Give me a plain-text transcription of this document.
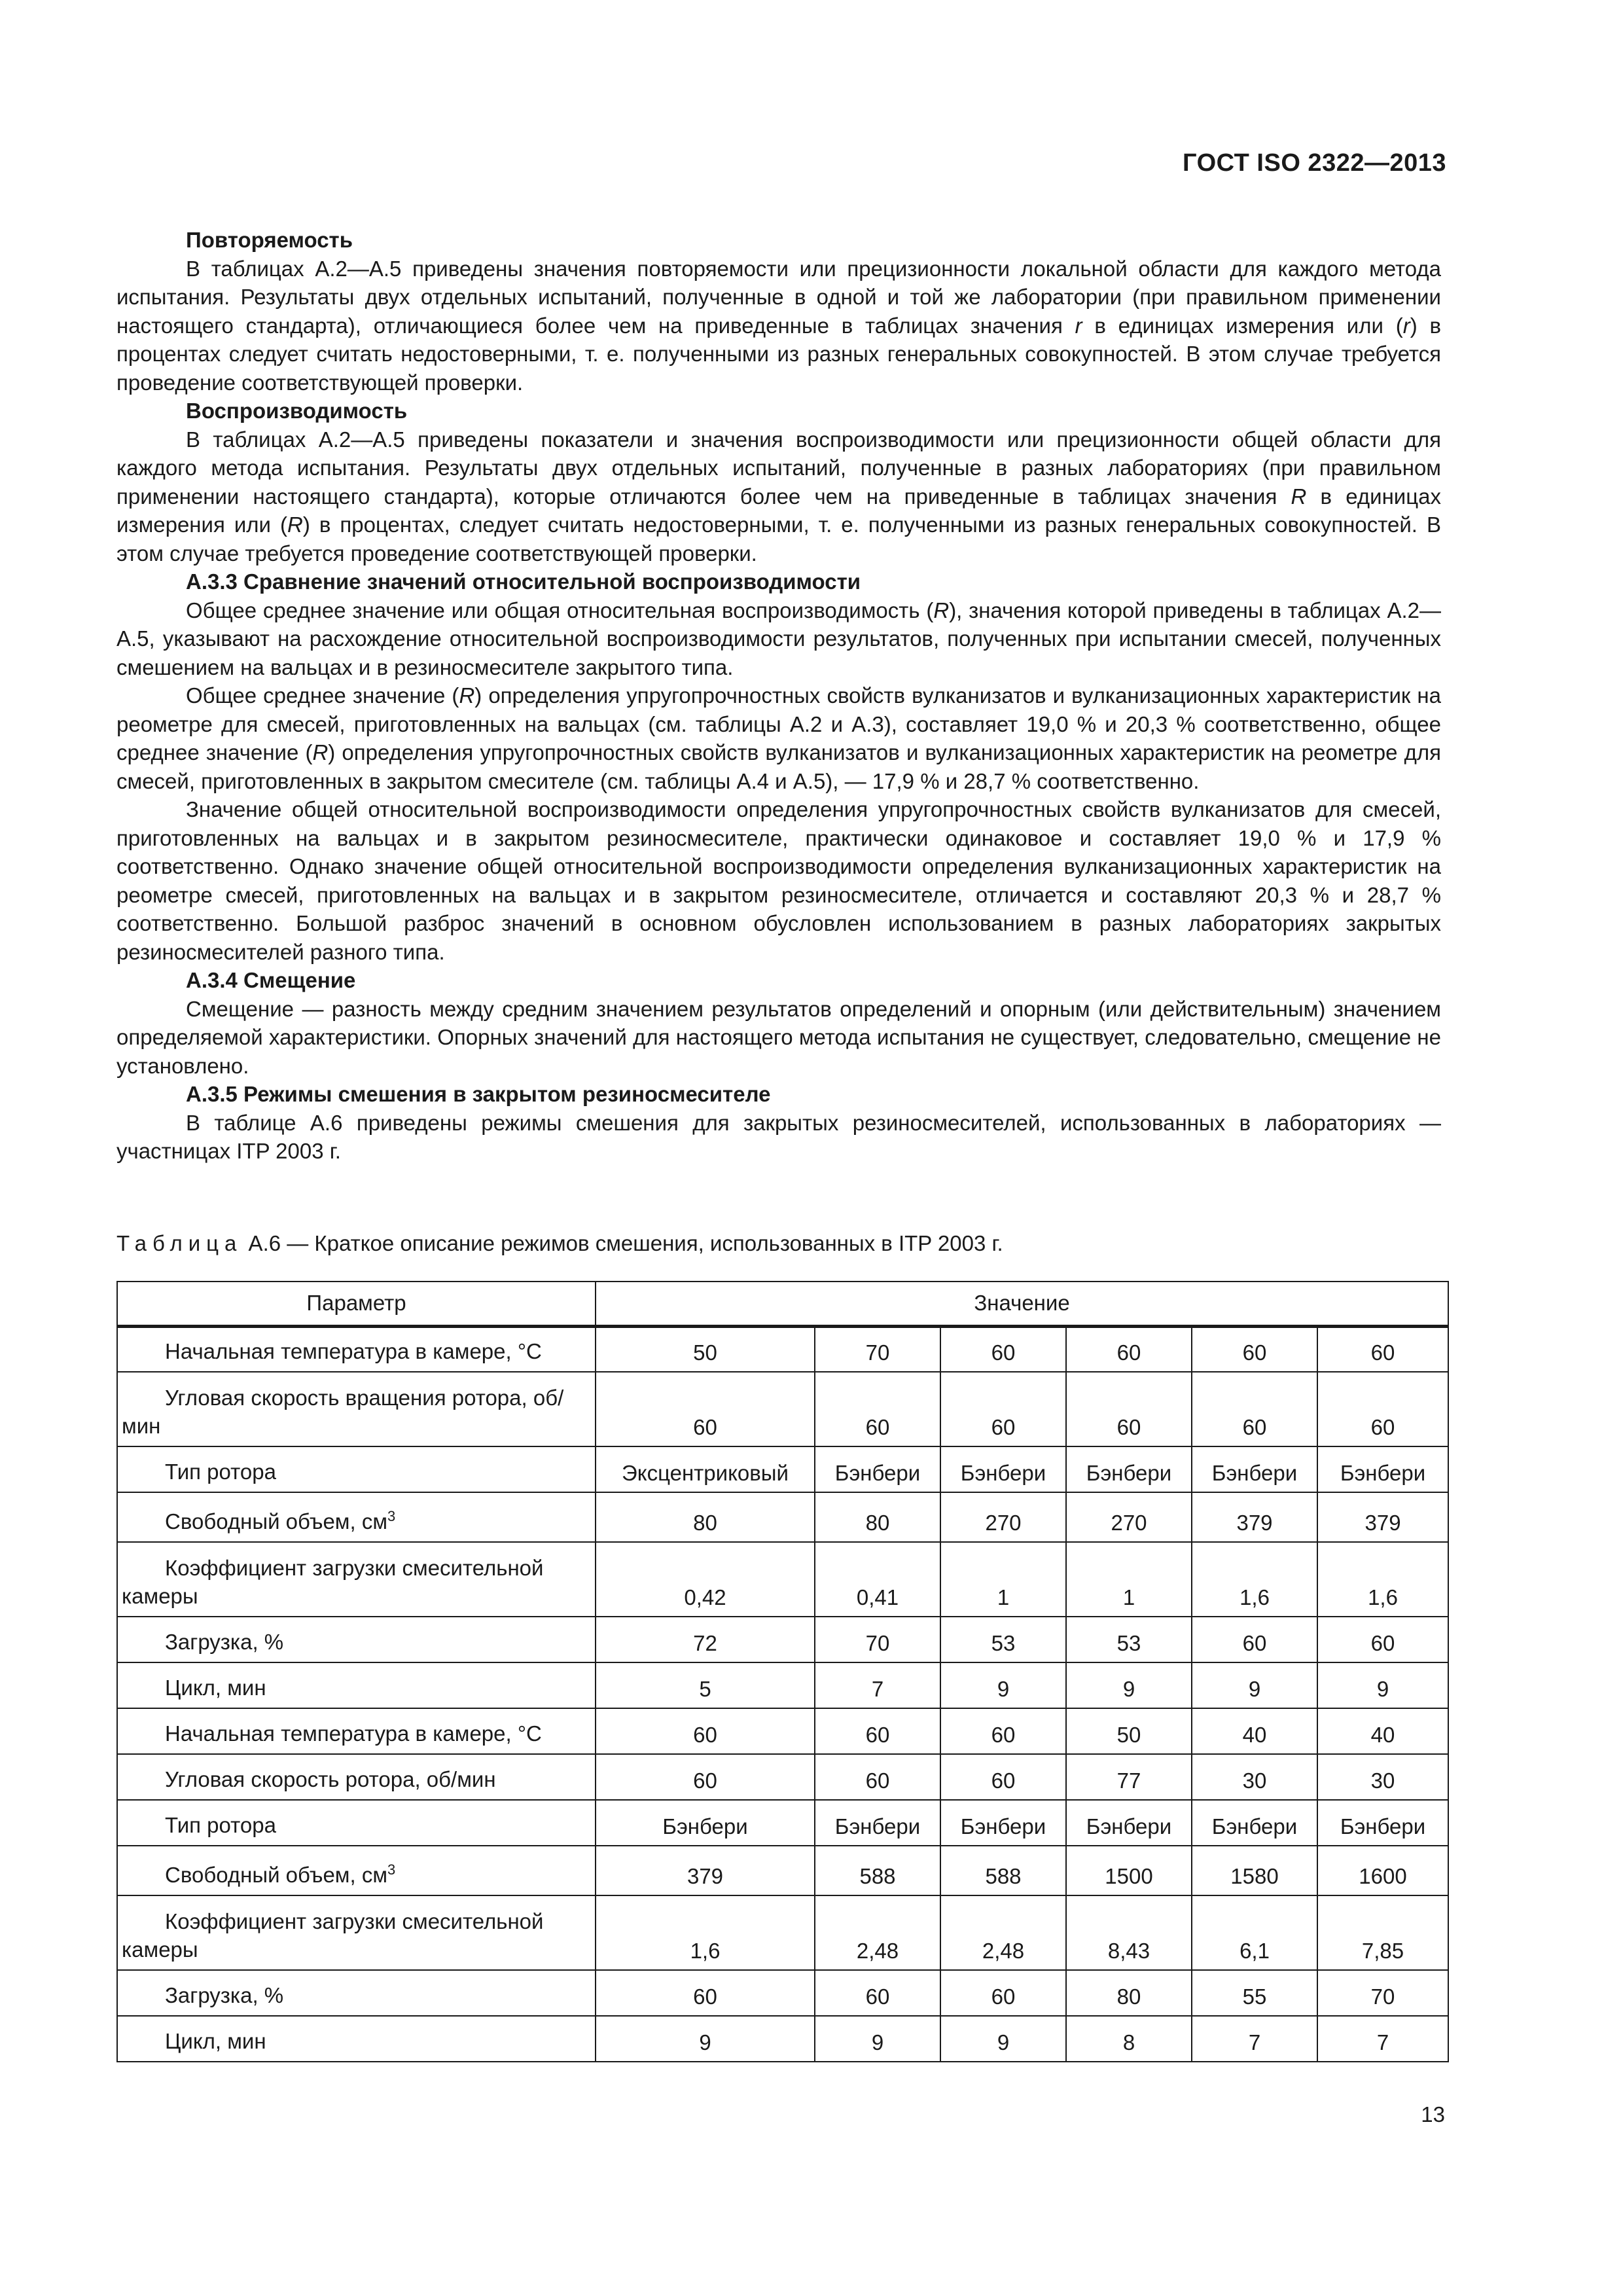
ГОСТ ISO 2322—2013

Повторяемость

В таблицах А.2—А.5 приведены значения повторяемости или прецизионности локальной области для каждого метода испытания. Результаты двух отдельных испытаний, полученные в одной и той же лаборатории (при правильном применении настоящего стандарта), отличающиеся более чем на приведенные в таблицах значения r в единицах измерения или (r) в процентах следует считать недостоверными, т. е. полученными из разных генеральных совокупностей. В этом случае требуется проведение соответствующей проверки.

Воспроизводимость

В таблицах А.2—А.5 приведены показатели и значения воспроизводимости или прецизионности общей области для каждого метода испытания. Результаты двух отдельных испытаний, полученные в разных лабораториях (при правильном применении настоящего стандарта), которые отличаются более чем на приведенные в таблицах значения R в единицах измерения или (R) в процентах, следует считать недостоверными, т. е. полученными из разных генеральных совокупностей. В этом случае требуется проведение соответствующей проверки.

А.3.3 Сравнение значений относительной воспроизводимости

Общее среднее значение или общая относительная воспроизводимость (R), значения которой приведены в таблицах А.2—А.5, указывают на расхождение относительной воспроизводимости результатов, полученных при испытании смесей, полученных смешением на вальцах и в резиносмесителе закрытого типа.

Общее среднее значение (R) определения упругопрочностных свойств вулканизатов и вулканизационных характеристик на реометре для смесей, приготовленных на вальцах (см. таблицы А.2 и А.3), составляет 19,0 % и 20,3 % соответственно, общее среднее значение (R) определения упругопрочностных свойств вулканизатов и вулканизационных характеристик на реометре для смесей, приготовленных в закрытом смесителе (см. таблицы А.4 и А.5), — 17,9 % и 28,7 % соответственно.

Значение общей относительной воспроизводимости определения упругопрочностных свойств вулканизатов для смесей, приготовленных на вальцах и в закрытом резиносмесителе, практически одинаковое и составляет 19,0 % и 17,9 % соответственно. Однако значение общей относительной воспроизводимости определения вулканизационных характеристик на реометре смесей, приготовленных на вальцах и в закрытом резиносмесителе, отличается и составляют 20,3 % и 28,7 % соответственно. Большой разброс значений в основном обусловлен использованием в разных лабораториях закрытых резиносмесителей разного типа.

А.3.4 Смещение

Смещение — разность между средним значением результатов определений и опорным (или действительным) значением определяемой характеристики. Опорных значений для настоящего метода испытания не существует, следовательно, смещение не установлено.

А.3.5 Режимы смешения в закрытом резиносмесителе

В таблице А.6 приведены режимы смешения для закрытых резиносмесителей, использованных в лабораториях — участницах ITP 2003 г.

Таблица А.6 — Краткое описание режимов смешения, использованных в ITP 2003 г.
Параметр	Значение					
Начальная температура в камере, °С	50	70	60	60	60	60
Угловая скорость вращения ротора, об/мин	60	60	60	60	60	60
Тип ротора	Эксцентриковый	Бэнбери	Бэнбери	Бэнбери	Бэнбери	Бэнбери
Свободный объем, $см^3$	80	80	270	270	379	379
Коэффициент загрузки смесительной камеры	0,42	0,41	1	1	1,6	1,6
Загрузка, %	72	70	53	53	60	60
Цикл, мин	5	7	9	9	9	9
Начальная температура в камере, °С	60	60	60	50	40	40
Угловая скорость ротора, об/мин	60	60	60	77	30	30
Тип ротора	Бэнбери	Бэнбери	Бэнбери	Бэнбери	Бэнбери	Бэнбери
Свободный объем, $см^3$	379	588	588	1500	1580	1600
Коэффициент загрузки смесительной камеры	1,6	2,48	2,48	8,43	6,1	7,85
Загрузка, %	60	60	60	80	55	70
Цикл, мин	9	9	9	8	7	7
13
